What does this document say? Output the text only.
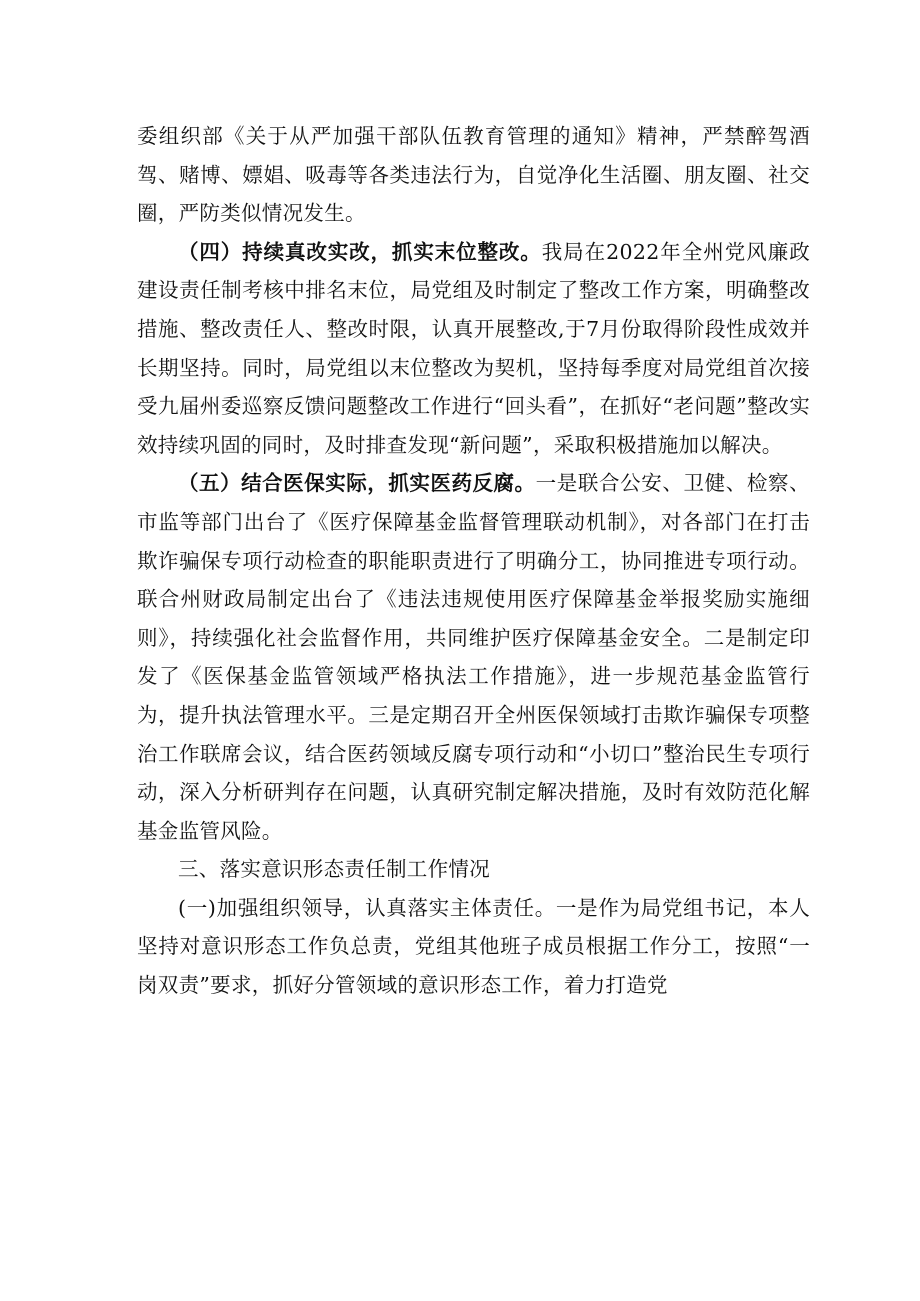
委组织部《关于从严加强干部队伍教育管理的通知》精神，严禁醉驾酒驾、赌博、嫖娼、吸毒等各类违法行为，自觉净化生活圈、朋友圈、社交圈，严防类似情况发生。

（四）持续真改实改，抓实末位整改。我局在2022年全州党风廉政建设责任制考核中排名末位，局党组及时制定了整改工作方案，明确整改措施、整改责任人、整改时限，认真开展整改,于7月份取得阶段性成效并长期坚持。同时，局党组以末位整改为契机，坚持每季度对局党组首次接受九届州委巡察反馈问题整改工作进行“回头看”，在抓好“老问题”整改实效持续巩固的同时，及时排查发现“新问题”，采取积极措施加以解决。

（五）结合医保实际，抓实医药反腐。一是联合公安、卫健、检察、市监等部门出台了《医疗保障基金监督管理联动机制》，对各部门在打击欺诈骗保专项行动检查的职能职责进行了明确分工，协同推进专项行动。联合州财政局制定出台了《违法违规使用医疗保障基金举报奖励实施细则》，持续强化社会监督作用，共同维护医疗保障基金安全。二是制定印发了《医保基金监管领域严格执法工作措施》，进一步规范基金监管行为，提升执法管理水平。三是定期召开全州医保领域打击欺诈骗保专项整治工作联席会议，结合医药领域反腐专项行动和“小切口”整治民生专项行动，深入分析研判存在问题，认真研究制定解决措施，及时有效防范化解基金监管风险。

三、落实意识形态责任制工作情况

(一)加强组织领导，认真落实主体责任。一是作为局党组书记，本人坚持对意识形态工作负总责，党组其他班子成员根据工作分工，按照“一岗双责”要求，抓好分管领域的意识形态工作，着力打造党
